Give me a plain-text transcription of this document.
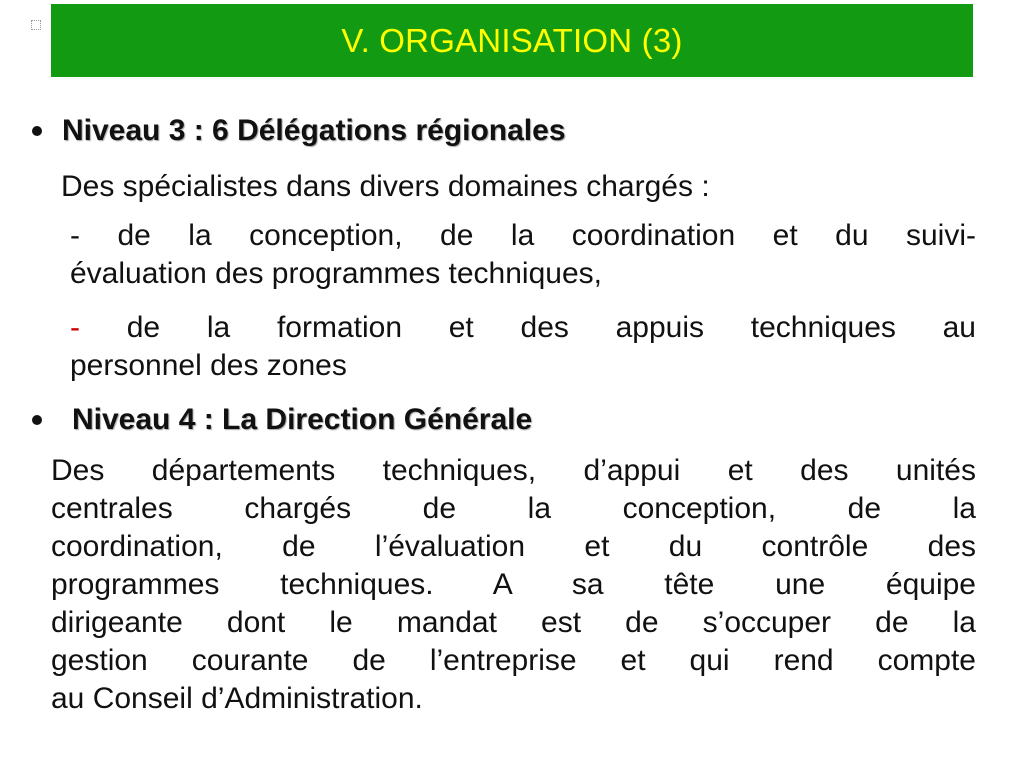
V. ORGANISATION (3)
Niveau 3 : 6 Délégations régionales
Des spécialistes dans divers domaines chargés :
- de la conception, de la coordination et du suivi-
évaluation des programmes techniques,
- de la formation et des appuis techniques au
personnel des zones
Niveau 4 : La Direction Générale
Des départements techniques, d’appui et des unités
centrales chargés de la conception, de la
coordination, de l’évaluation et du contrôle des
programmes techniques. A sa tête une équipe
dirigeante dont le mandat est de s’occuper de la
gestion courante de l’entreprise et qui rend compte
au Conseil d’Administration.
